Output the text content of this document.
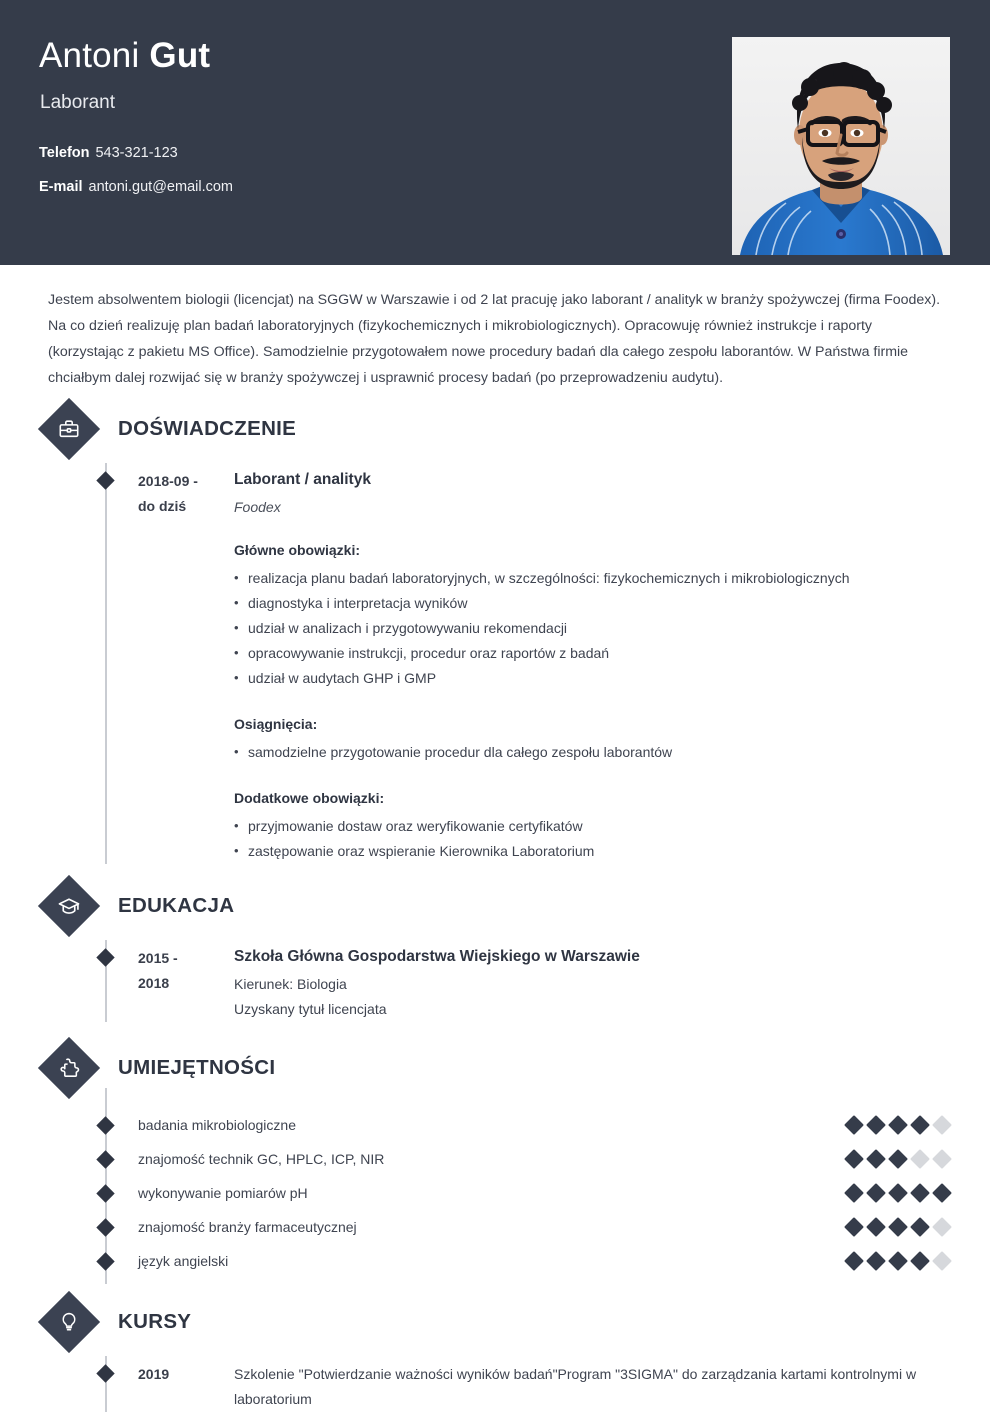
Antoni Gut
Laborant
Telefon 543-321-123
E-mail antoni.gut@email.com

Jestem absolwentem biologii (licencjat) na SGGW w Warszawie i od 2 lat pracuję jako laborant / analityk w branży spożywczej (firma Foodex). Na co dzień realizuję plan badań laboratoryjnych (fizykochemicznych i mikrobiologicznych). Opracowuję również instrukcje i raporty (korzystając z pakietu MS Office). Samodzielnie przygotowałem nowe procedury badań dla całego zespołu laborantów. W Państwa firmie chciałbym dalej rozwijać się w branży spożywczej i usprawnić procesy badań (po przeprowadzeniu audytu).

DOŚWIADCZENIE
2018-09 -
do dziś
Laborant / analityk
Foodex
Główne obowiązki:
• realizacja planu badań laboratoryjnych, w szczególności: fizykochemicznych i mikrobiologicznych
• diagnostyka i interpretacja wyników
• udział w analizach i przygotowywaniu rekomendacji
• opracowywanie instrukcji, procedur oraz raportów z badań
• udział w audytach GHP i GMP
Osiągnięcia:
• samodzielne przygotowanie procedur dla całego zespołu laborantów
Dodatkowe obowiązki:
• przyjmowanie dostaw oraz weryfikowanie certyfikatów
• zastępowanie oraz wspieranie Kierownika Laboratorium
EDUKACJA
2015 -
2018
Szkoła Główna Gospodarstwa Wiejskiego w Warszawie
Kierunek: Biologia
Uzyskany tytuł licencjata
UMIEJĘTNOŚCI
badania mikrobiologiczne
znajomość technik GC, HPLC, ICP, NIR
wykonywanie pomiarów pH
znajomość branży farmaceutycznej
język angielski
KURSY
2019	Szkolenie "Potwierdzanie ważności wyników badań"Program "3SIGMA" do zarządzania kartami kontrolnymi w laboratorium
